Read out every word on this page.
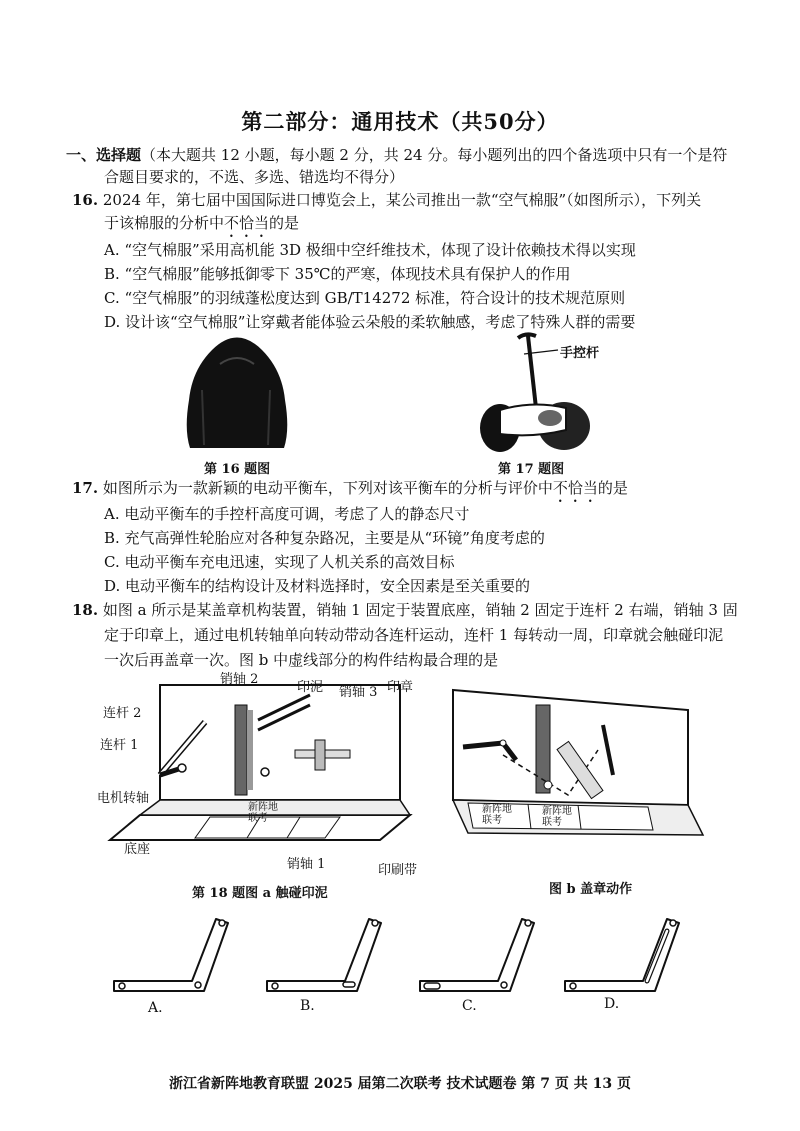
第二部分：通用技术（共50分）
一、选择题（本大题共 12 小题，每小题 2 分，共 24 分。每小题列出的四个备选项中只有一个是符
合题目要求的，不选、多选、错选均不得分）
16. 2024 年，第七届中国国际进口博览会上，某公司推出一款“空气棉服”（如图所示），下列关
于该棉服的分析中不恰当的是
A. “空气棉服”采用高机能 3D 极细中空纤维技术，体现了设计依赖技术得以实现
B. “空气棉服”能够抵御零下 35℃的严寒，体现技术具有保护人的作用
C. “空气棉服”的羽绒蓬松度达到 GB/T14272 标准，符合设计的技术规范原则
D. 设计该“空气棉服”让穿戴者能体验云朵般的柔软触感，考虑了特殊人群的需要
第 16 题图
手控杆
第 17 题图
17. 如图所示为一款新颖的电动平衡车，下列对该平衡车的分析与评价中不恰当的是
A. 电动平衡车的手控杆高度可调，考虑了人的静态尺寸
B. 充气高弹性轮胎应对各种复杂路况，主要是从“环镜”角度考虑的
C. 电动平衡车充电迅速，实现了人机关系的高效目标
D. 电动平衡车的结构设计及材料选择时，安全因素是至关重要的
18. 如图 a 所示是某盖章机构装置，销轴 1 固定于装置底座，销轴 2 固定于连杆 2 右端，销轴 3 固
定于印章上，通过电机转轴单向转动带动各连杆运动，连杆 1 每转动一周，印章就会触碰印泥
一次后再盖章一次。图 b 中虚线部分的构件结构最合理的是
销轴 2
印泥 销轴 3 印章
连杆 2
连杆 1
电机转轴
底座
销轴 1	印刷带
新阵地联考
新阵地联考
新阵地联考
第 18 题图 a 触碰印泥	图 b 盖章动作
A.	B.	C.	D.
浙江省新阵地教育联盟 2025 届第二次联考 技术试题卷 第 7 页 共 13 页
